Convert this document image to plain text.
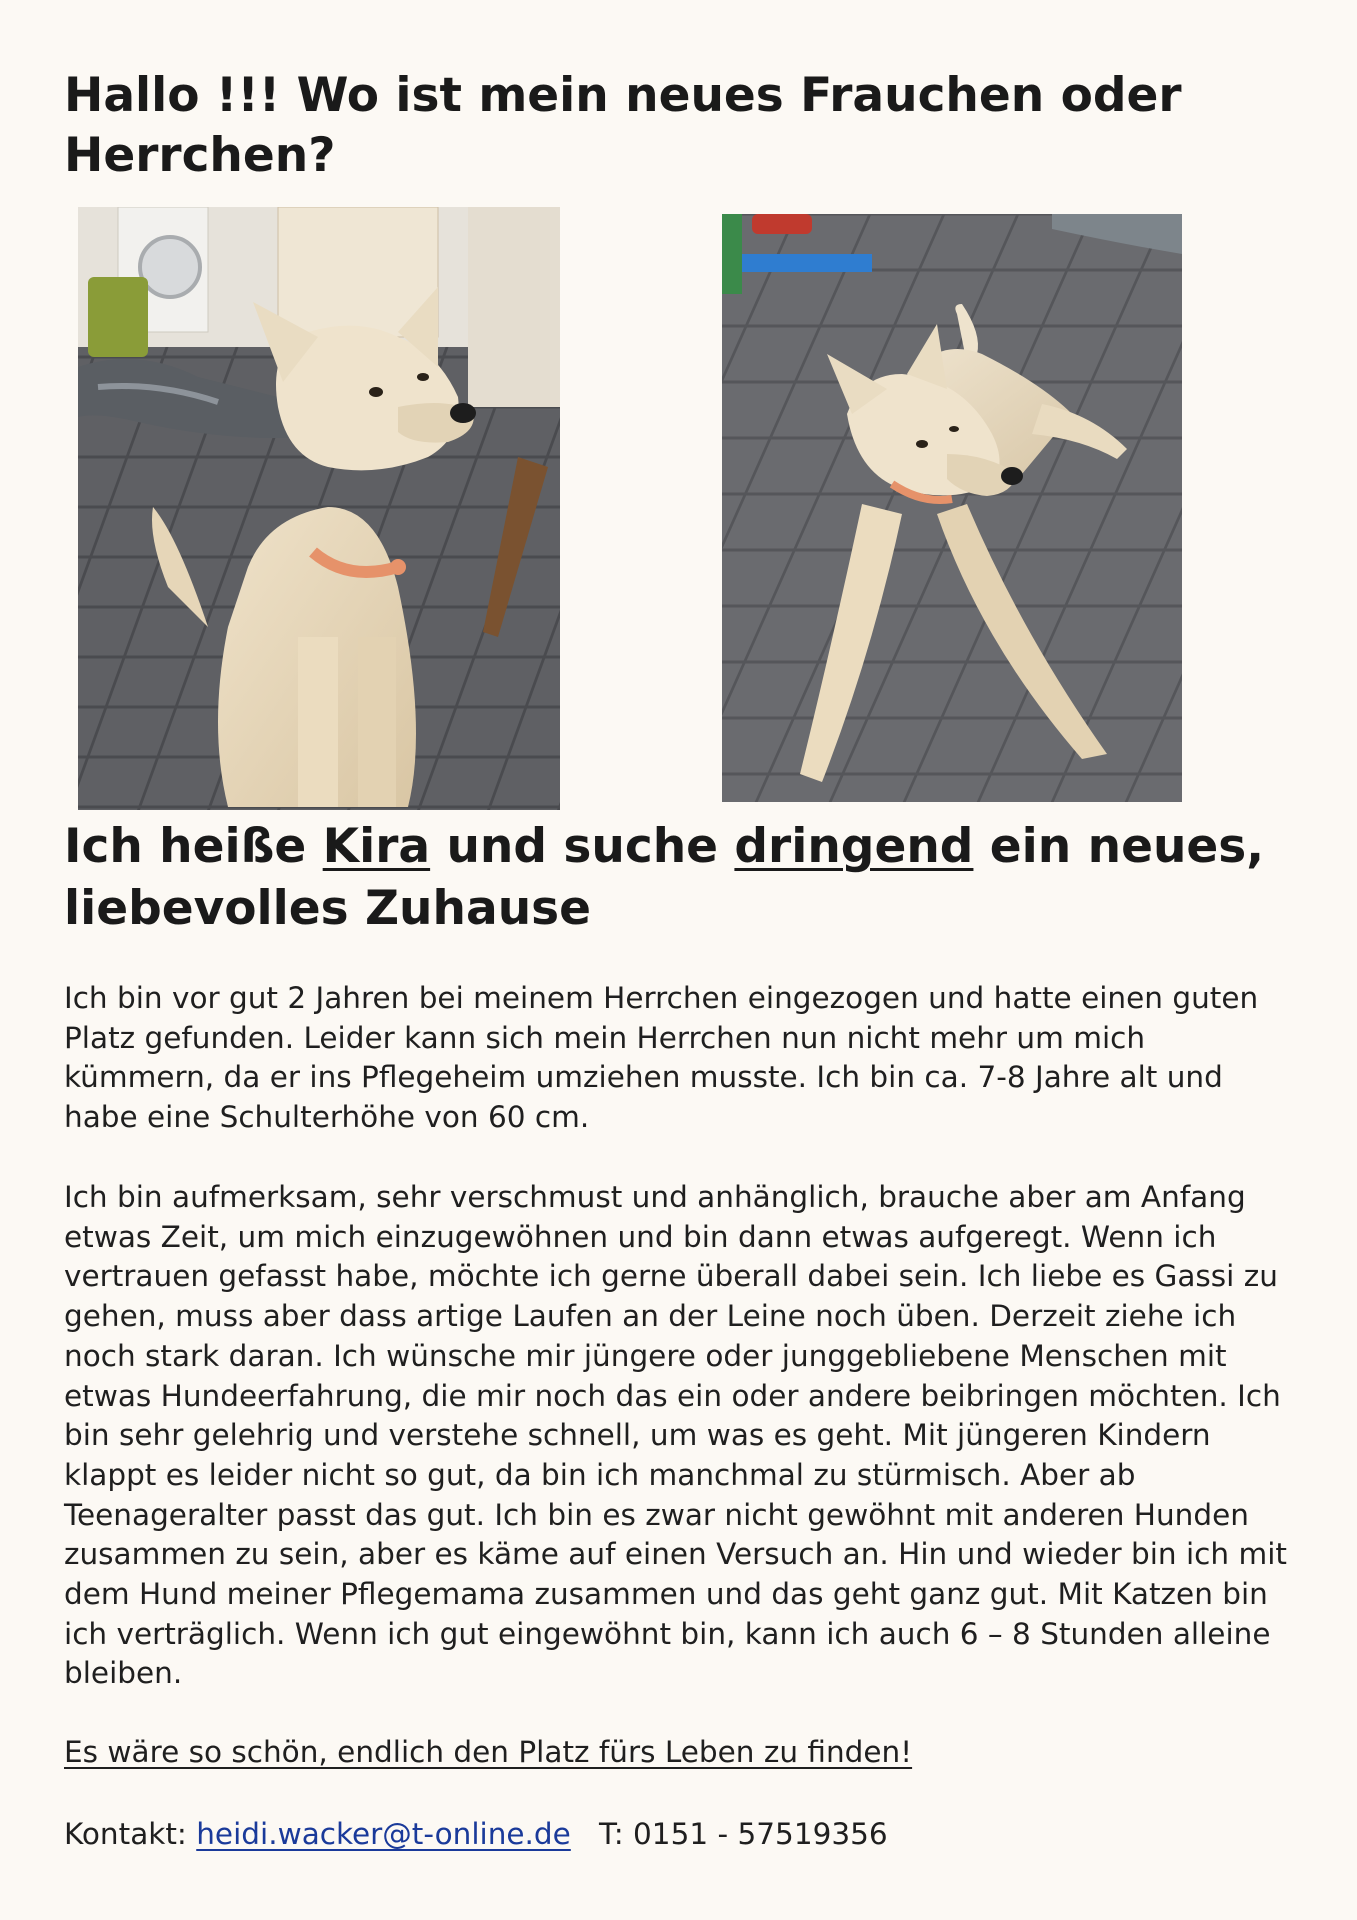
Hallo !!! Wo ist mein neues Frauchen oder Herrchen?
Ich heiße Kira und suche dringend ein neues, liebevolles Zuhause

Ich bin vor gut 2 Jahren bei meinem Herrchen eingezogen und hatte einen guten Platz gefunden. Leider kann sich mein Herrchen nun nicht mehr um mich kümmern, da er ins Pflegeheim umziehen musste. Ich bin ca. 7-8 Jahre alt und habe eine Schulterhöhe von 60 cm.

Ich bin aufmerksam, sehr verschmust und anhänglich, brauche aber am Anfang etwas Zeit, um mich einzugewöhnen und bin dann etwas aufgeregt. Wenn ich vertrauen gefasst habe, möchte ich gerne überall dabei sein. Ich liebe es Gassi zu gehen, muss aber dass artige Laufen an der Leine noch üben. Derzeit ziehe ich noch stark daran. Ich wünsche mir jüngere oder junggebliebene Menschen mit etwas Hundeerfahrung, die mir noch das ein oder andere beibringen möchten. Ich bin sehr gelehrig und verstehe schnell, um was es geht. Mit jüngeren Kindern klappt es leider nicht so gut, da bin ich manchmal zu stürmisch. Aber ab Teenageralter passt das gut. Ich bin es zwar nicht gewöhnt mit anderen Hunden zusammen zu sein, aber es käme auf einen Versuch an. Hin und wieder bin ich mit dem Hund meiner Pflegemama zusammen und das geht ganz gut. Mit Katzen bin ich verträglich. Wenn ich gut eingewöhnt bin, kann ich auch 6 – 8 Stunden alleine bleiben.

Es wäre so schön, endlich den Platz fürs Leben zu finden!

Kontakt: heidi.wacker@t-online.de   T: 0151 - 57519356
